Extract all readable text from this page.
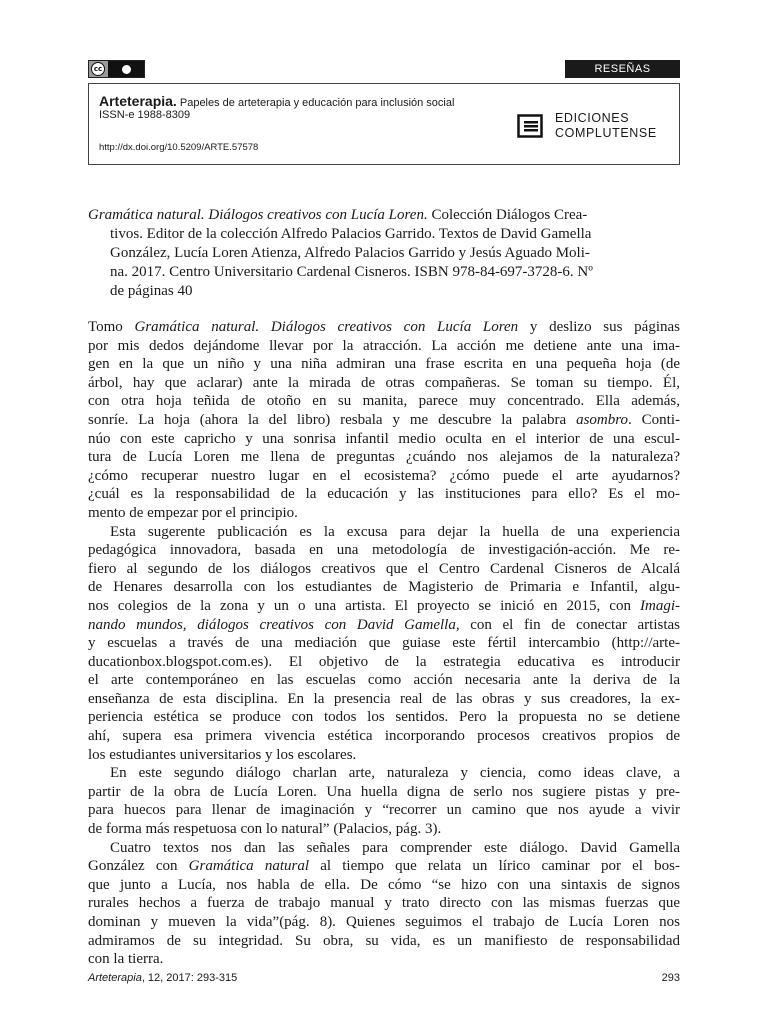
cc	RESEÑAS
Arteterapia. Papeles de arteterapia y educación para inclusión social
ISSN-e 1988-8309
http://dx.doi.org/10.5209/ARTE.57578
EDICIONES
COMPLUTENSE
Gramática natural. Diálogos creativos con Lucía Loren. Colección Diálogos Crea-
tivos. Editor de la colección Alfredo Palacios Garrido. Textos de David Gamella
González, Lucía Loren Atienza, Alfredo Palacios Garrido y Jesús Aguado Moli-
na. 2017. Centro Universitario Cardenal Cisneros. ISBN 978-84-697-3728-6. Nº
de páginas 40
Tomo Gramática natural. Diálogos creativos con Lucía Loren y deslizo sus páginas
por mis dedos dejándome llevar por la atracción. La acción me detiene ante una ima-
gen en la que un niño y una niña admiran una frase escrita en una pequeña hoja (de
árbol, hay que aclarar) ante la mirada de otras compañeras. Se toman su tiempo. Él,
con otra hoja teñida de otoño en su manita, parece muy concentrado. Ella además,
sonríe. La hoja (ahora la del libro) resbala y me descubre la palabra asombro. Conti-
núo con este capricho y una sonrisa infantil medio oculta en el interior de una escul-
tura de Lucía Loren me llena de preguntas ¿cuándo nos alejamos de la naturaleza?
¿cómo recuperar nuestro lugar en el ecosistema? ¿cómo puede el arte ayudarnos?
¿cuál es la responsabilidad de la educación y las instituciones para ello? Es el mo-
mento de empezar por el principio.
Esta sugerente publicación es la excusa para dejar la huella de una experiencia
pedagógica innovadora, basada en una metodología de investigación-acción. Me re-
fiero al segundo de los diálogos creativos que el Centro Cardenal Cisneros de Alcalá
de Henares desarrolla con los estudiantes de Magisterio de Primaria e Infantil, algu-
nos colegios de la zona y un o una artista. El proyecto se inició en 2015, con Imagi-
nando mundos, diálogos creativos con David Gamella, con el fin de conectar artistas
y escuelas a través de una mediación que guiase este fértil intercambio (http://arte-
ducationbox.blogspot.com.es). El objetivo de la estrategia educativa es introducir
el arte contemporáneo en las escuelas como acción necesaria ante la deriva de la
enseñanza de esta disciplina. En la presencia real de las obras y sus creadores, la ex-
periencia estética se produce con todos los sentidos. Pero la propuesta no se detiene
ahí, supera esa primera vivencia estética incorporando procesos creativos propios de
los estudiantes universitarios y los escolares.
En este segundo diálogo charlan arte, naturaleza y ciencia, como ideas clave, a
partir de la obra de Lucía Loren. Una huella digna de serlo nos sugiere pistas y pre-
para huecos para llenar de imaginación y “recorrer un camino que nos ayude a vivir
de forma más respetuosa con lo natural” (Palacios, pág. 3).
Cuatro textos nos dan las señales para comprender este diálogo. David Gamella
González con Gramática natural al tiempo que relata un lírico caminar por el bos-
que junto a Lucía, nos habla de ella. De cómo “se hizo con una sintaxis de signos
rurales hechos a fuerza de trabajo manual y trato directo con las mismas fuerzas que
dominan y mueven la vida”(pág. 8). Quienes seguimos el trabajo de Lucía Loren nos
admiramos de su integridad. Su obra, su vida, es un manifiesto de responsabilidad
con la tierra.
Arteterapia, 12, 2017: 293-315	293
